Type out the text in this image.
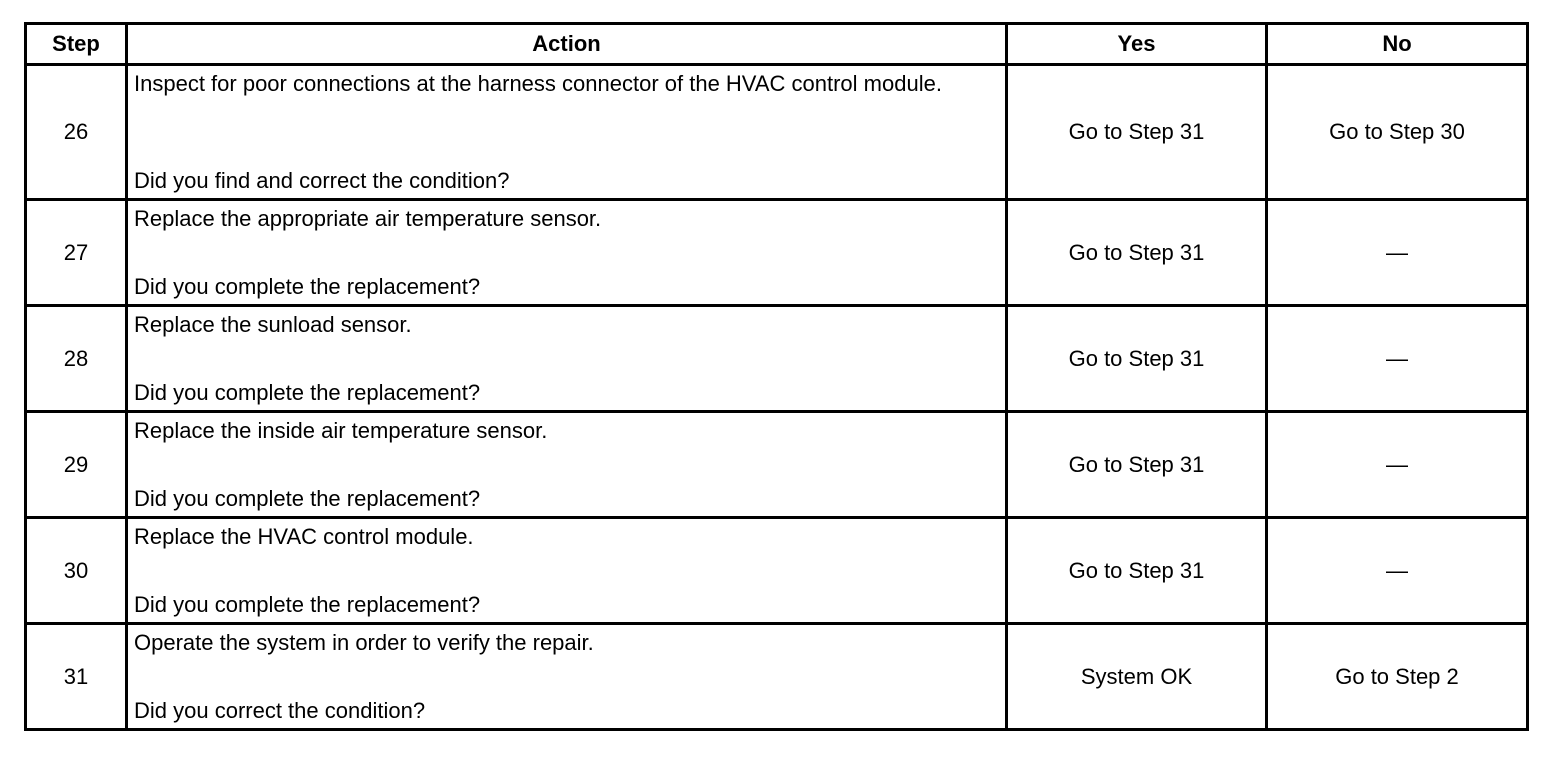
Step	Action	Yes	No
26	Inspect for poor connections at the harness connector of the HVAC control module.
Did you find and correct the condition?	Go to Step 31	Go to Step 30
27	Replace the appropriate air temperature sensor.
Did you complete the replacement?	Go to Step 31	—
28	Replace the sunload sensor.
Did you complete the replacement?	Go to Step 31	—
29	Replace the inside air temperature sensor.
Did you complete the replacement?	Go to Step 31	—
30	Replace the HVAC control module.
Did you complete the replacement?	Go to Step 31	—
31	Operate the system in order to verify the repair.
Did you correct the condition?	System OK	Go to Step 2
